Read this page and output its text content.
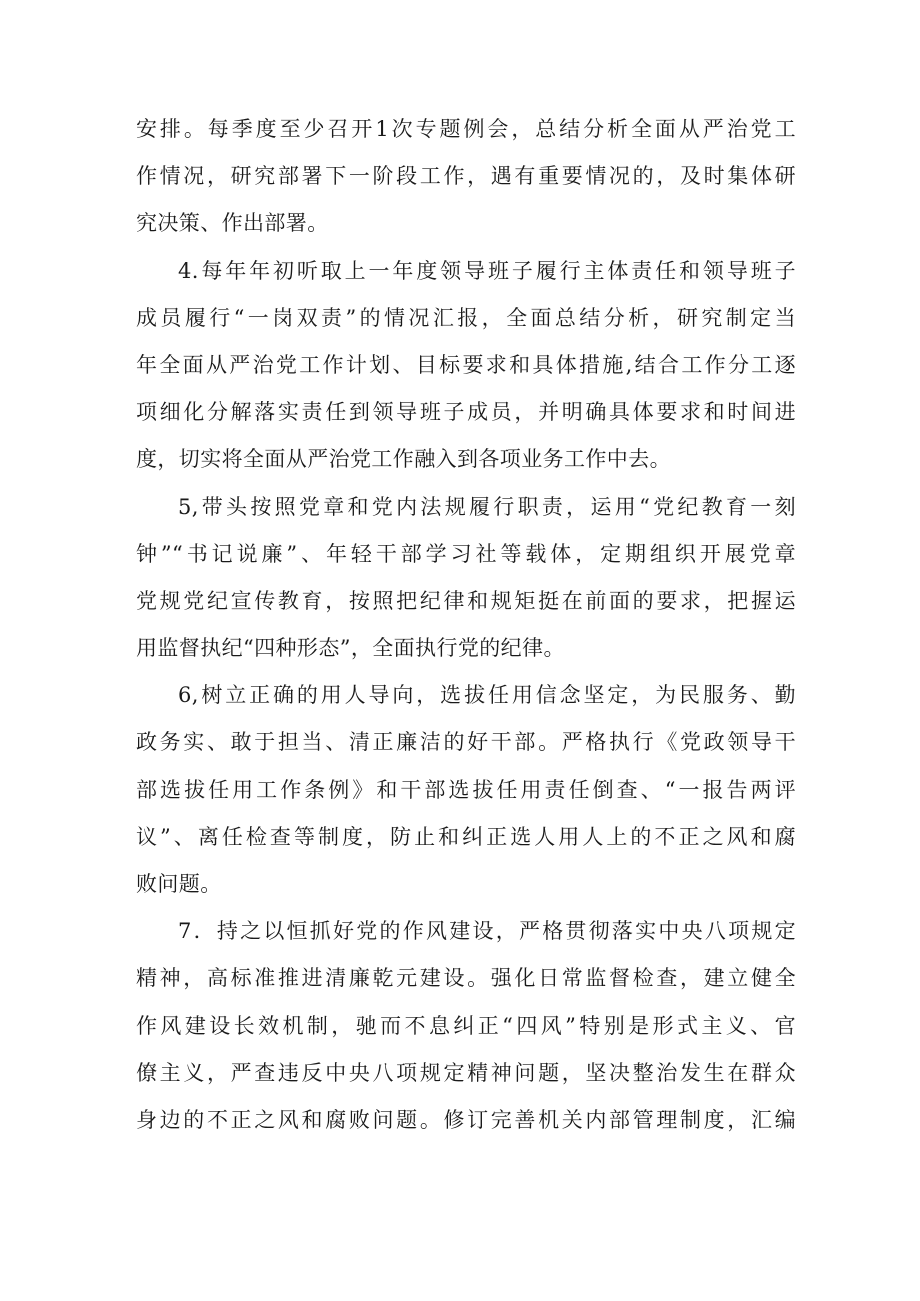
安排。每季度至少召开1次专题例会，总结分析全面从严治党工
作情况，研究部署下一阶段工作，遇有重要情况的，及时集体研
究决策、作出部署。
4.每年年初听取上一年度领导班子履行主体责任和领导班子
成员履行“一岗双责”的情况汇报，全面总结分析，研究制定当
年全面从严治党工作计划、目标要求和具体措施,结合工作分工逐
项细化分解落实责任到领导班子成员，并明确具体要求和时间进
度，切实将全面从严治党工作融入到各项业务工作中去。
5,带头按照党章和党内法规履行职责，运用“党纪教育一刻
钟”“书记说廉”、年轻干部学习社等载体，定期组织开展党章
党规党纪宣传教育，按照把纪律和规矩挺在前面的要求，把握运
用监督执纪“四种形态”，全面执行党的纪律。
6,树立正确的用人导向，选拔任用信念坚定，为民服务、勤
政务实、敢于担当、清正廉洁的好干部。严格执行《党政领导干
部选拔任用工作条例》和干部选拔任用责任倒查、“一报告两评
议”、离任检查等制度，防止和纠正选人用人上的不正之风和腐
败问题。
7．持之以恒抓好党的作风建设，严格贯彻落实中央八项规定
精神，高标准推进清廉乾元建设。强化日常监督检查，建立健全
作风建设长效机制，驰而不息纠正“四风”特别是形式主义、官
僚主义，严查违反中央八项规定精神问题，坚决整治发生在群众
身边的不正之风和腐败问题。修订完善机关内部管理制度，汇编
